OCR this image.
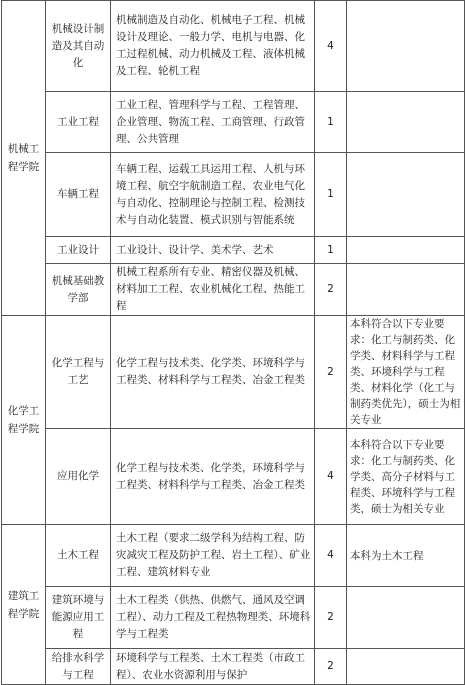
机械工程学院	机械设计制造及其自动化	机械制造及自动化、机械电子工程、机械设计及理论、一般力学、电机与电器、化工过程机械、动力机械及工程、液体机械及工程、轮机工程	4	
	工业工程	工业工程、管理科学与工程、工程管理、企业管理、物流工程、工商管理、行政管理、公共管理	1	
	车辆工程	车辆工程、运载工具运用工程、人机与环境工程、航空宇航制造工程、农业电气化与自动化、控制理论与控制工程、检测技术与自动化装置、模式识别与智能系统	1	
	工业设计	工业设计、设计学、美术学、艺术	1	
	机械基础教学部	机械工程系所有专业、精密仪器及机械、材料加工工程、农业机械化工程、热能工程	2	
化学工程学院	化学工程与工艺	化学工程与技术类、化学类、环境科学与工程类、材料科学与工程类、冶金工程类	2	本科符合以下专业要求：化工与制药类、化学类、材料科学与工程类、环境科学与工程类、材料化学（化工与制药类优先），硕士为相关专业
	应用化学	化学工程与技术类、化学类，环境科学与工程类、材料科学与工程类、冶金工程类	4	本科符合以下专业要求：化工与制药类、化学类、高分子材料与工程类、环境科学与工程类，硕士为相关专业
建筑工程学院	土木工程	土木工程（要求二级学科为结构工程、防灾减灾工程及防护工程、岩土工程）、矿业工程、建筑材料专业	4	本科为土木工程
	建筑环境与能源应用工程	土木工程类（供热、供燃气、通风及空调工程）、动力工程及工程热物理类、环境科学与工程类	2	
	给排水科学与工程	环境科学与工程类、土木工程类（市政工程）、农业水资源利用与保护	2	
